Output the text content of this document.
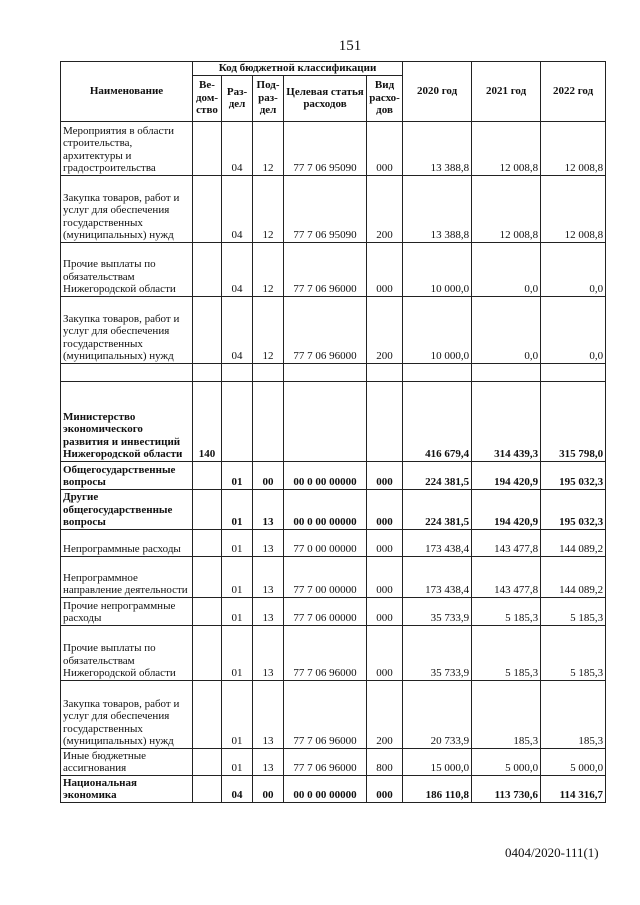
151
Наименование	Код бюджетной классификации					2020 год	2021 год	2022 год
	Ве-дом-ство	Раз-дел	Под-раз-дел	Целевая статья расходов	Вид расхо-дов			
Мероприятия в области строительства, архитектуры и градостроительства		04	12	77 7 06 95090	000	13 388,8	12 008,8	12 008,8
Закупка товаров, работ и услуг для обеспечения государственных (муниципальных) нужд		04	12	77 7 06 95090	200	13 388,8	12 008,8	12 008,8
Прочие выплаты по обязательствам Нижегородской области		04	12	77 7 06 96000	000	10 000,0	0,0	0,0
Закупка товаров, работ и услуг для обеспечения государственных (муниципальных) нужд		04	12	77 7 06 96000	200	10 000,0	0,0	0,0

Министерство экономического развития и инвестиций Нижегородской области	140					416 679,4	314 439,3	315 798,0
Общегосударственные вопросы		01	00	00 0 00 00000	000	224 381,5	194 420,9	195 032,3
Другие общегосударственные вопросы		01	13	00 0 00 00000	000	224 381,5	194 420,9	195 032,3
Непрограммные расходы		01	13	77 0 00 00000	000	173 438,4	143 477,8	144 089,2
Непрограммное направление деятельности		01	13	77 7 00 00000	000	173 438,4	143 477,8	144 089,2
Прочие непрограммные расходы		01	13	77 7 06 00000	000	35 733,9	5 185,3	5 185,3
Прочие выплаты по обязательствам Нижегородской области		01	13	77 7 06 96000	000	35 733,9	5 185,3	5 185,3
Закупка товаров, работ и услуг для обеспечения государственных (муниципальных) нужд		01	13	77 7 06 96000	200	20 733,9	185,3	185,3
Иные бюджетные ассигнования		01	13	77 7 06 96000	800	15 000,0	5 000,0	5 000,0
Национальная экономика		04	00	00 0 00 00000	000	186 110,8	113 730,6	114 316,7
0404/2020-111(1)
